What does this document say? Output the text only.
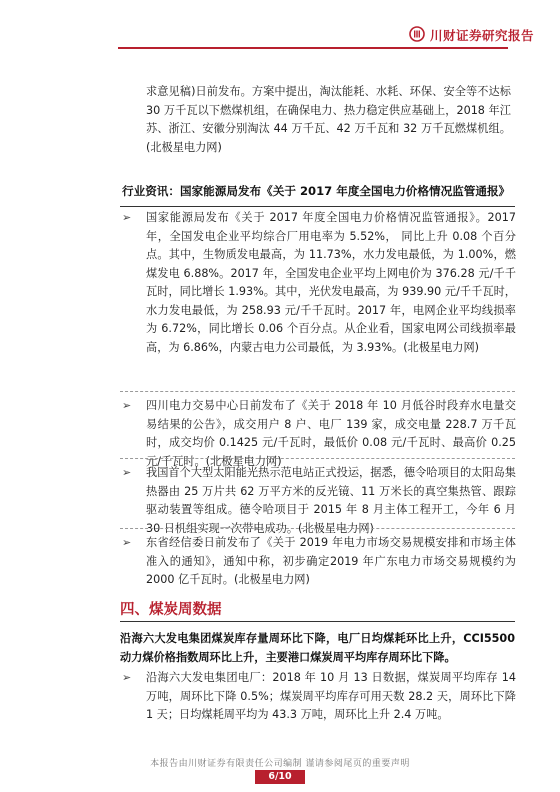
川财证券研究报告
求意见稿)日前发布。方案中提出，淘汰能耗、水耗、环保、安全等不达标 30 万千瓦以下燃煤机组，在确保电力、热力稳定供应基础上，2018 年江苏、浙江、安徽分别淘汰 44 万千瓦、42 万千瓦和 32 万千瓦燃煤机组。(北极星电力网)
行业资讯：国家能源局发布《关于 2017 年度全国电力价格情况监管通报》
➢ 国家能源局发布《关于 2017 年度全国电力价格情况监管通报》。2017 年，全国发电企业平均综合厂用电率为 5.52%， 同比上升 0.08 个百分点。其中，生物质发电最高，为 11.73%，水力发电最低，为 1.00%，燃煤发电 6.88%。2017 年，全国发电企业平均上网电价为 376.28 元/千千瓦时，同比增长 1.93%。其中，光伏发电最高，为 939.90 元/千千瓦时，水力发电最低，为 258.93 元/千千瓦时。2017 年，电网企业平均线损率为 6.72%，同比增长 0.06 个百分点。从企业看，国家电网公司线损率最高，为 6.86%，内蒙古电力公司最低，为 3.93%。(北极星电力网)
➢ 四川电力交易中心日前发布了《关于 2018 年 10 月低谷时段弃水电量交易结果的公告》，成交用户 8 户、电厂 139 家，成交电量 228.7 万千瓦时，成交均价 0.1425 元/千瓦时，最低价 0.08 元/千瓦时、最高价 0.25 元/千瓦时。(北极星电力网)
➢ 我国首个大型太阳能光热示范电站正式投运，据悉，德令哈项目的太阳岛集热器由 25 万片共 62 万平方米的反光镜、11 万米长的真空集热管、跟踪驱动装置等组成。德令哈项目于 2015 年 8 月主体工程开工，今年 6 月 30 日机组实现一次带电成功。(北极星电力网)
➢ 东省经信委日前发布了《关于 2019 年电力市场交易规模安排和市场主体准入的通知》，通知中称，初步确定2019 年广东电力市场交易规模约为2000 亿千瓦时。(北极星电力网)
四、煤炭周数据
沿海六大发电集团煤炭库存量周环比下降，电厂日均煤耗环比上升，CCI5500 动力煤价格指数周环比上升，主要港口煤炭周平均库存周环比下降。
➢ 沿海六大发电集团电厂：2018 年 10 月 13 日数据，煤炭周平均库存 14 万吨，周环比下降 0.5%；煤炭周平均库存可用天数 28.2 天，周环比下降 1 天；日均煤耗周平均为 43.3 万吨，周环比上升 2.4 万吨。
本报告由川财证券有限责任公司编制 谨请参阅尾页的重要声明
6/10
